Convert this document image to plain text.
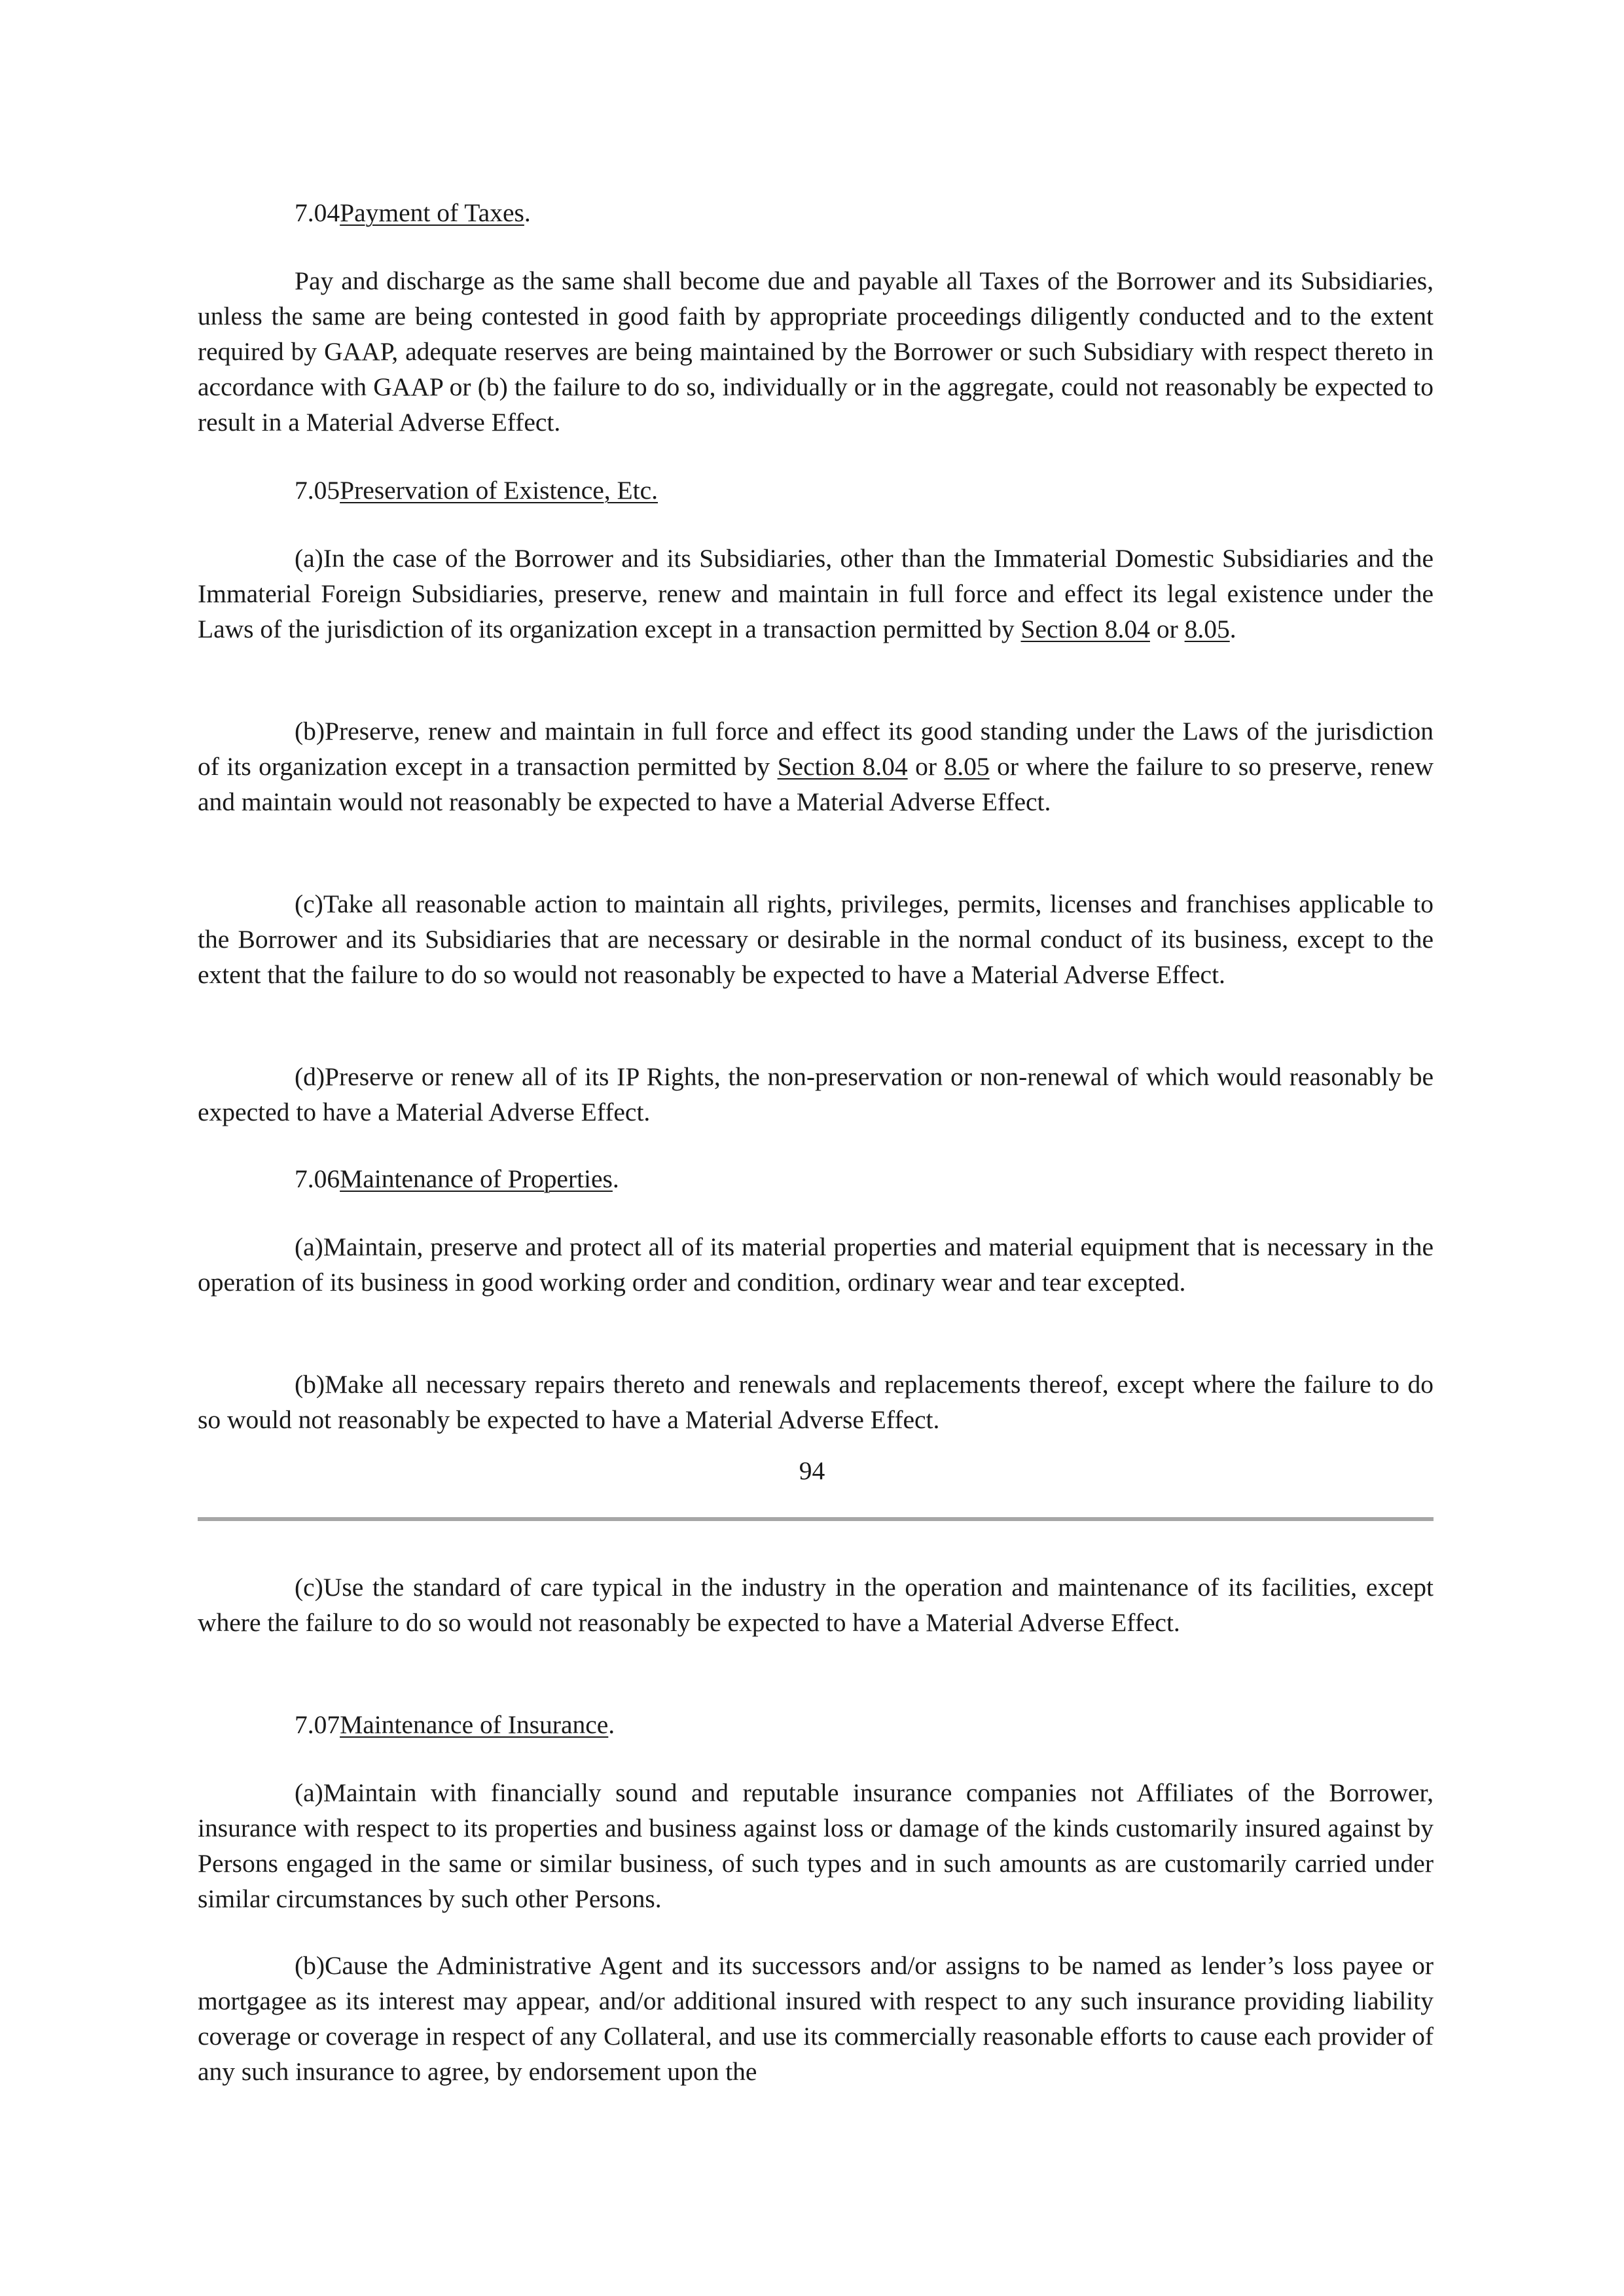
7.04Payment of Taxes.

Pay and discharge as the same shall become due and payable all Taxes of the Borrower and its Subsidiaries, unless the same are being contested in good faith by appropriate proceedings diligently conducted and to the extent required by GAAP, adequate reserves are being maintained by the Borrower or such Subsidiary with respect thereto in accordance with GAAP or (b) the failure to do so, individually or in the aggregate, could not reasonably be expected to result in a Material Adverse Effect.

7.05Preservation of Existence, Etc.

(a)In the case of the Borrower and its Subsidiaries, other than the Immaterial Domestic Subsidiaries and the Immaterial Foreign Subsidiaries, preserve, renew and maintain in full force and effect its legal existence under the Laws of the jurisdiction of its organization except in a transaction permitted by Section 8.04 or 8.05.

(b)Preserve, renew and maintain in full force and effect its good standing under the Laws of the jurisdiction of its organization except in a transaction permitted by Section 8.04 or 8.05 or where the failure to so preserve, renew and maintain would not reasonably be expected to have a Material Adverse Effect.

(c)Take all reasonable action to maintain all rights, privileges, permits, licenses and franchises applicable to the Borrower and its Subsidiaries that are necessary or desirable in the normal conduct of its business, except to the extent that the failure to do so would not reasonably be expected to have a Material Adverse Effect.

(d)Preserve or renew all of its IP Rights, the non-preservation or non-renewal of which would reasonably be expected to have a Material Adverse Effect.

7.06Maintenance of Properties.

(a)Maintain, preserve and protect all of its material properties and material equipment that is necessary in the operation of its business in good working order and condition, ordinary wear and tear excepted.

(b)Make all necessary repairs thereto and renewals and replacements thereof, except where the failure to do so would not reasonably be expected to have a Material Adverse Effect.

94

(c)Use the standard of care typical in the industry in the operation and maintenance of its facilities, except where the failure to do so would not reasonably be expected to have a Material Adverse Effect.

7.07Maintenance of Insurance.

(a)Maintain with financially sound and reputable insurance companies not Affiliates of the Borrower, insurance with respect to its properties and business against loss or damage of the kinds customarily insured against by Persons engaged in the same or similar business, of such types and in such amounts as are customarily carried under similar circumstances by such other Persons.

(b)Cause the Administrative Agent and its successors and/or assigns to be named as lender’s loss payee or mortgagee as its interest may appear, and/or additional insured with respect to any such insurance providing liability coverage or coverage in respect of any Collateral, and use its commercially reasonable efforts to cause each provider of any such insurance to agree, by endorsement upon the
